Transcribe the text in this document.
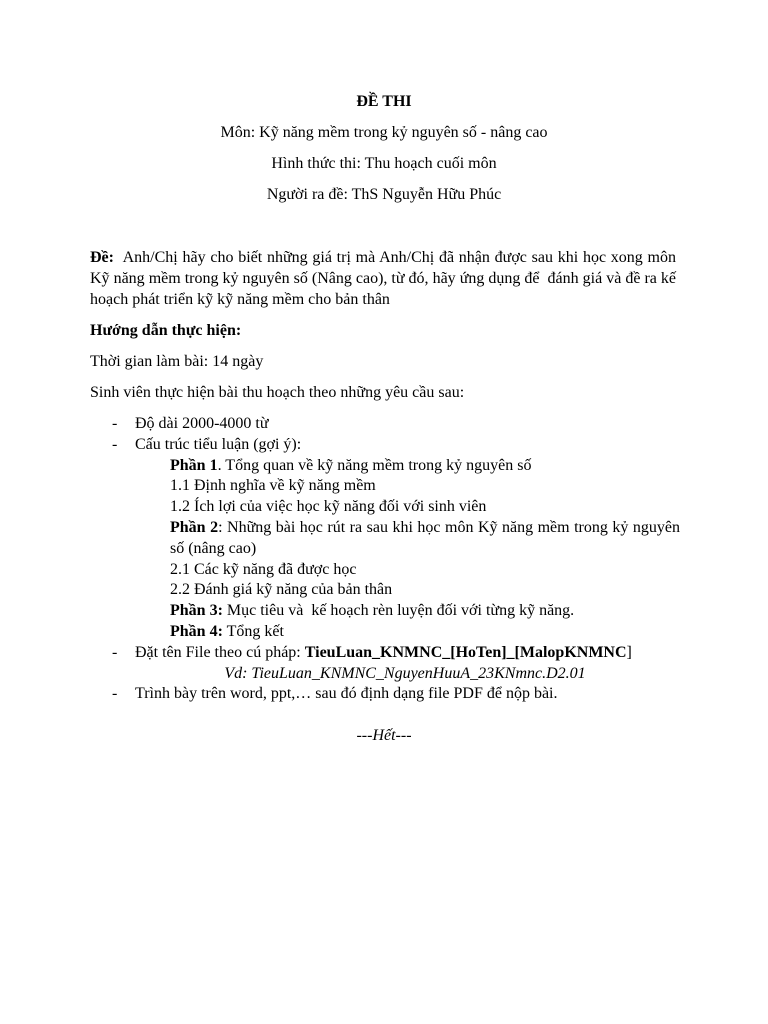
ĐỀ THI
Môn: Kỹ năng mềm trong kỷ nguyên số - nâng cao
Hình thức thi: Thu hoạch cuối môn
Người ra đề: ThS Nguyễn Hữu Phúc
Đề:  Anh/Chị hãy cho biết những giá trị mà Anh/Chị đã nhận được sau khi học xong môn Kỹ năng mềm trong kỷ nguyên số (Nâng cao), từ đó, hãy ứng dụng để  đánh giá và đề ra kế hoạch phát triển kỹ kỹ năng mềm cho bản thân
Hướng dẫn thực hiện:
Thời gian làm bài: 14 ngày
Sinh viên thực hiện bài thu hoạch theo những yêu cầu sau:
- Độ dài 2000-4000 từ
- Cấu trúc tiểu luận (gợi ý):
Phần 1. Tổng quan về kỹ năng mềm trong kỷ nguyên số
1.1 Định nghĩa về kỹ năng mềm
1.2 Ích lợi của việc học kỹ năng đối với sinh viên
Phần 2: Những bài học rút ra sau khi học môn Kỹ năng mềm trong kỷ nguyên số (nâng cao)
2.1 Các kỹ năng đã được học
2.2 Đánh giá kỹ năng của bản thân
Phần 3: Mục tiêu và  kế hoạch rèn luyện đối với từng kỹ năng.
Phần 4: Tổng kết
- Đặt tên File theo cú pháp: TieuLuan_KNMNC_[HoTen]_[MalopKNMNC]
Vd: TieuLuan_KNMNC_NguyenHuuA_23KNmnc.D2.01
- Trình bày trên word, ppt,… sau đó định dạng file PDF để nộp bài.
---Hết---
